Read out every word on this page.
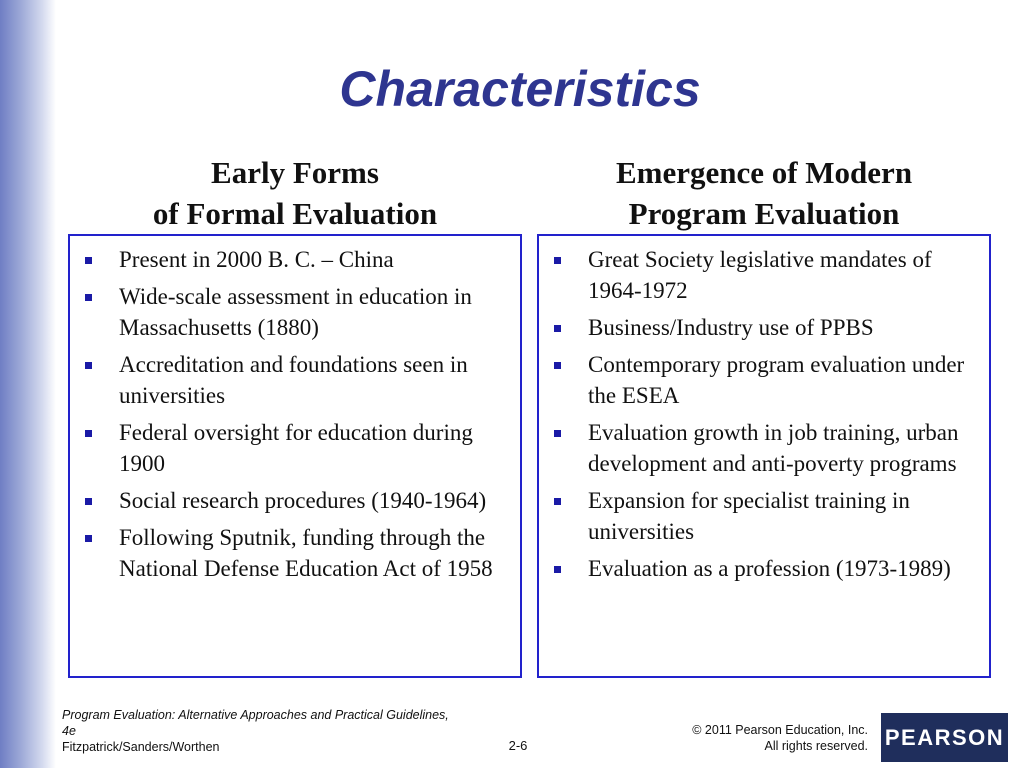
Characteristics
Early Forms
of Formal Evaluation
Emergence of Modern
Program Evaluation
Present in 2000 B. C. – China
Wide-scale assessment in education in Massachusetts (1880)
Accreditation and foundations seen in universities
Federal oversight for education during 1900
Social research procedures (1940-1964)
Following Sputnik, funding through the National Defense Education Act of 1958
Great Society legislative mandates of 1964-1972
Business/Industry use of PPBS
Contemporary program evaluation under the ESEA
Evaluation growth in job training, urban development and anti-poverty programs
Expansion for specialist training in universities
Evaluation as a profession (1973-1989)
Program Evaluation: Alternative Approaches and Practical Guidelines, 4e
Fitzpatrick/Sanders/Worthen	2-6
© 2011 Pearson Education, Inc.
All rights reserved. PEARSON
